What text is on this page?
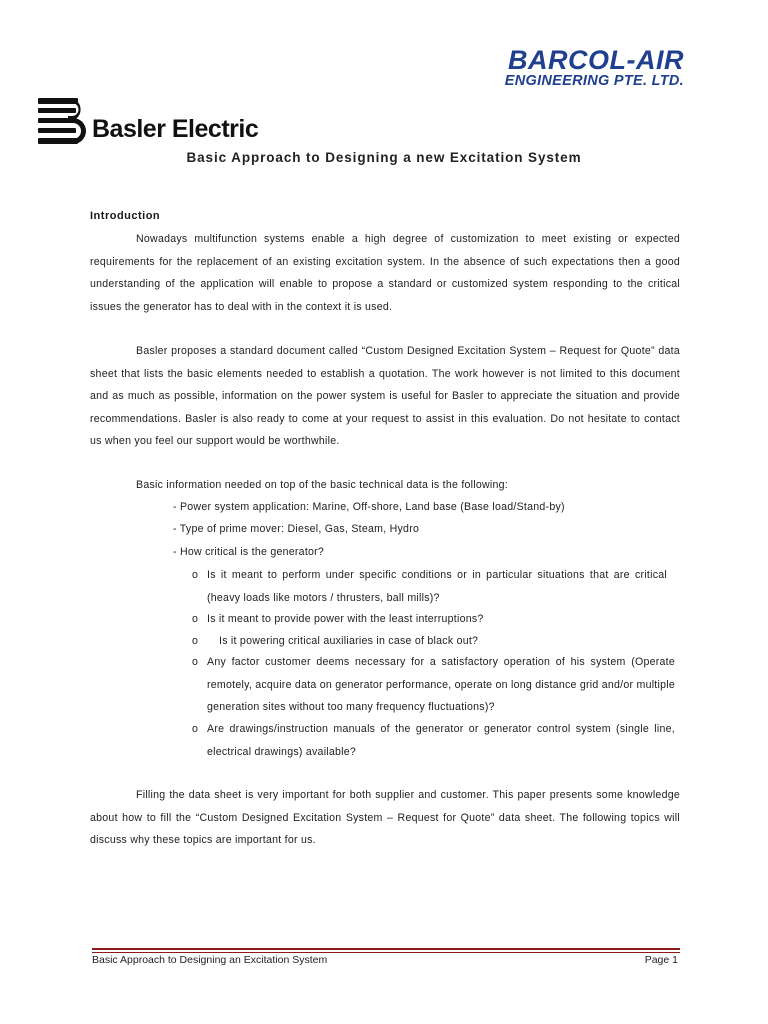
BARCOL-AIR
ENGINEERING PTE. LTD.
Basler Electric
Basic Approach to Designing a new Excitation System
Introduction

Nowadays multifunction systems enable a high degree of customization to meet existing or expected requirements for the replacement of an existing excitation system. In the absence of such expectations then a good understanding of the application will enable to propose a standard or customized system responding to the critical issues the generator has to deal with in the context it is used.

Basler proposes a standard document called “Custom Designed Excitation System – Request for Quote” data sheet that lists the basic elements needed to establish a quotation. The work however is not limited to this document and as much as possible, information on the power system is useful for Basler to appreciate the situation and provide recommendations. Basler is also ready to come at your request to assist in this evaluation. Do not hesitate to contact us when you feel our support would be worthwhile.

Basic information needed on top of the basic technical data is the following:
- Power system application: Marine, Off-shore, Land base (Base load/Stand-by)
- Type of prime mover: Diesel, Gas, Steam, Hydro
- How critical is the generator?
o Is it meant to perform under specific conditions or in particular situations that are critical (heavy loads like motors / thrusters, ball mills)?
o Is it meant to provide power with the least interruptions?
o Is it powering critical auxiliaries in case of black out?
o Any factor customer deems necessary for a satisfactory operation of his system (Operate remotely, acquire data on generator performance, operate on long distance grid and/or multiple generation sites without too many frequency fluctuations)?
o Are drawings/instruction manuals of the generator or generator control system (single line, electrical drawings) available?

Filling the data sheet is very important for both supplier and customer. This paper presents some knowledge about how to fill the “Custom Designed Excitation System – Request for Quote” data sheet. The following topics will discuss why these topics are important for us.

Basic Approach to Designing an Excitation System	Page 1
